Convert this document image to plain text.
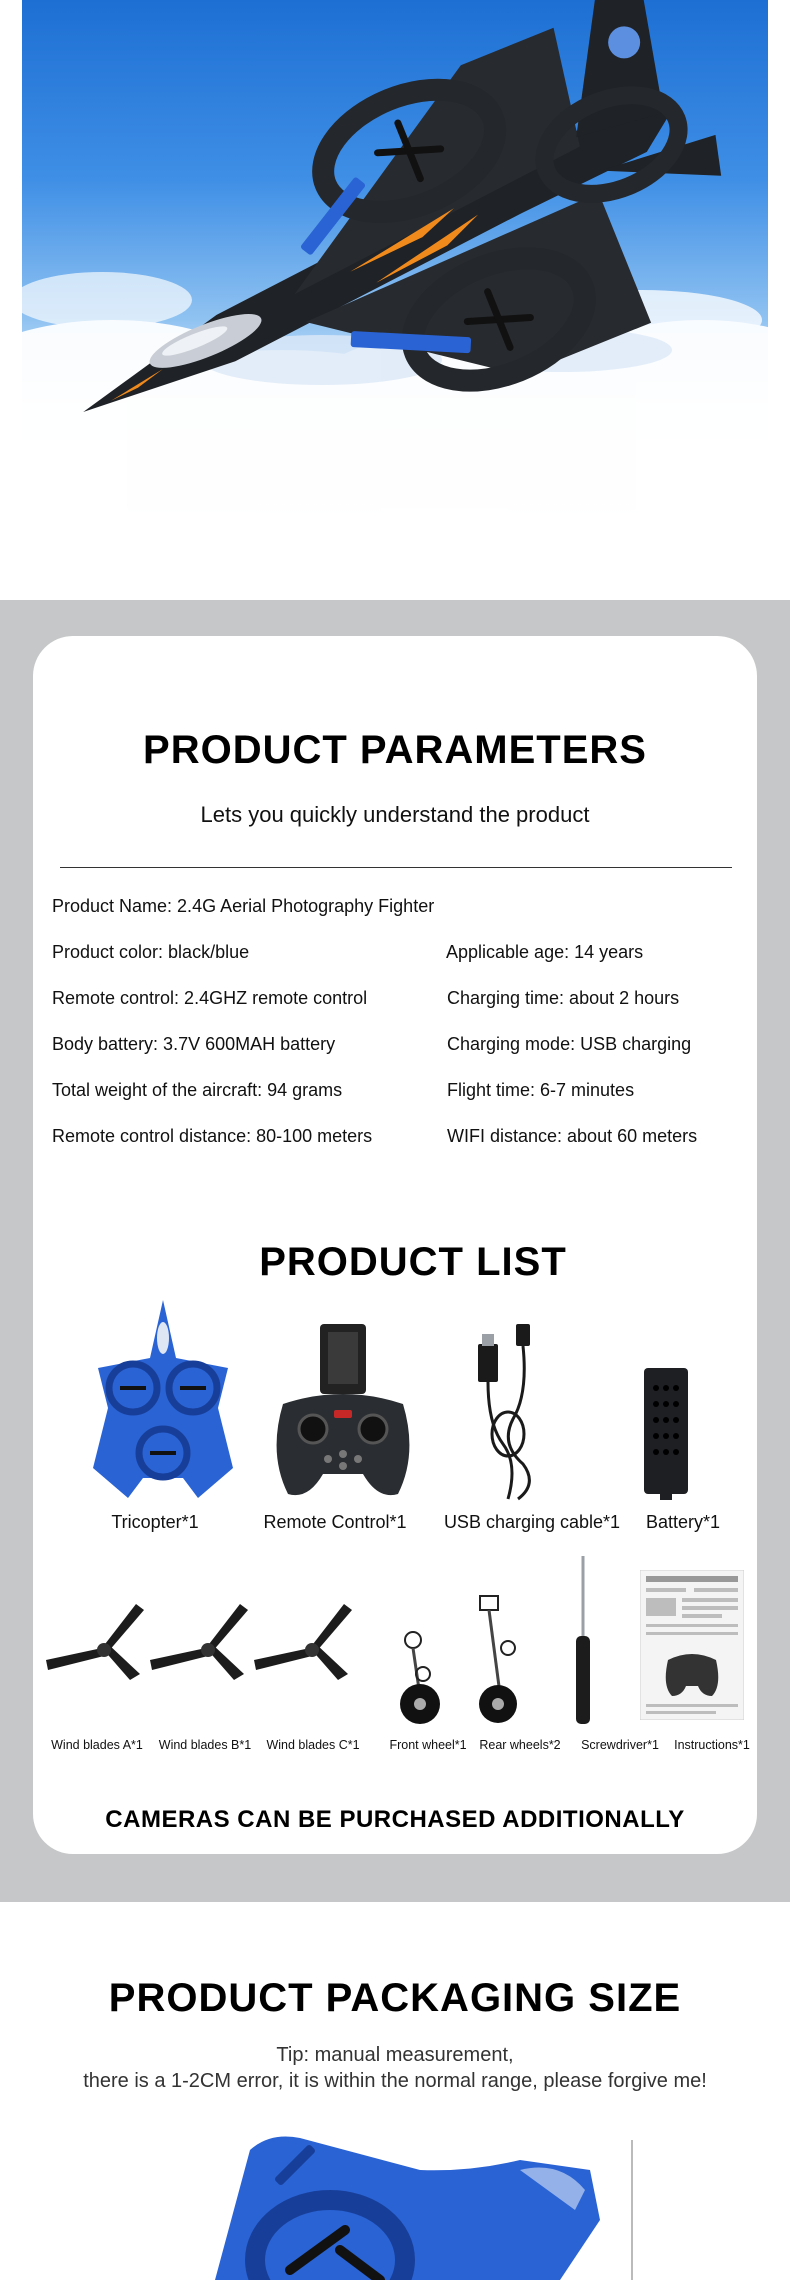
PRODUCT PARAMETERS
Lets you quickly understand the product
Product Name: 2.4G Aerial Photography Fighter
Product color: black/blue	Applicable age: 14 years
Remote control: 2.4GHZ remote control	Charging time: about 2 hours
Body battery: 3.7V 600MAH battery	Charging mode: USB charging
Total weight of the aircraft: 94 grams	Flight time: 6-7 minutes
Remote control distance: 80-100 meters	WIFI distance: about 60 meters
PRODUCT LIST
Tricopter*1	Remote Control*1	USB charging cable*1	Battery*1
Wind blades A*1	Wind blades B*1	Wind blades C*1	Front wheel*1	Rear wheels*2	Screwdriver*1	Instructions*1
CAMERAS CAN BE PURCHASED ADDITIONALLY
PRODUCT PACKAGING SIZE
Tip: manual measurement,
there is a 1-2CM error, it is within the normal range, please forgive me!
